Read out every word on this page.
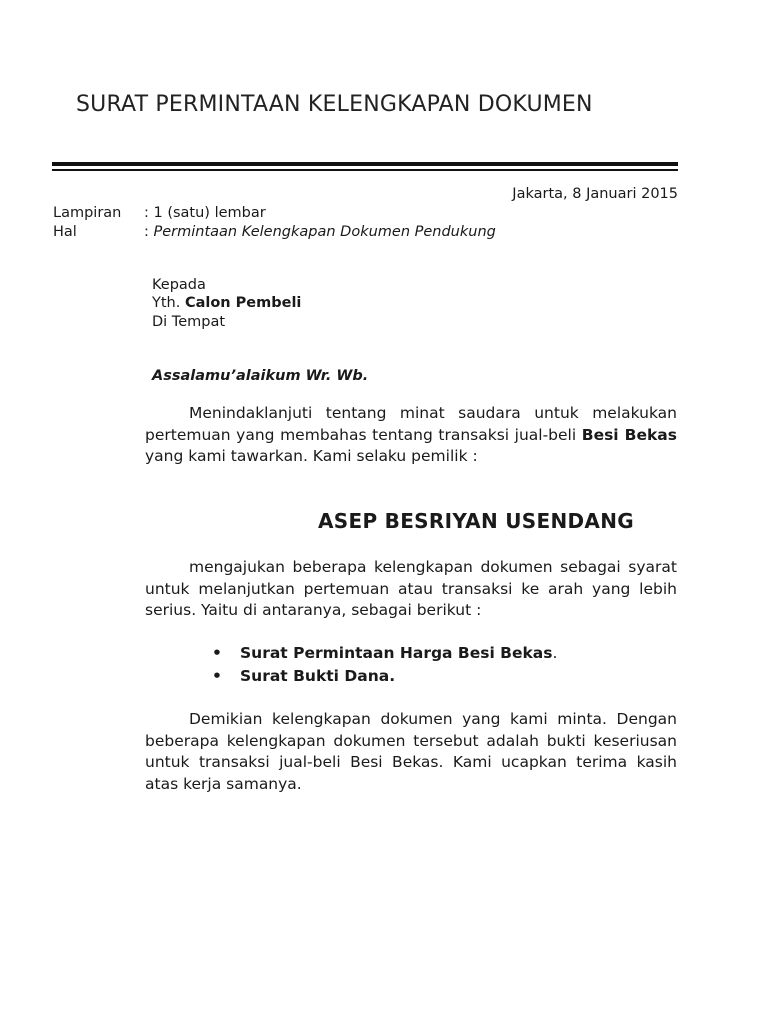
SURAT PERMINTAAN KELENGKAPAN DOKUMEN
Jakarta, 8 Januari 2015
Lampiran : 1 (satu) lembar
Hal	: Permintaan Kelengkapan Dokumen Pendukung
Kepada
Yth. Calon Pembeli
Di Tempat
Assalamu’alaikum Wr. Wb.

Menindaklanjuti tentang minat saudara untuk melakukan pertemuan yang membahas tentang transaksi jual-beli Besi Bekas yang kami tawarkan. Kami selaku pemilik :

ASEP BESRIYAN USENDANG

mengajukan beberapa kelengkapan dokumen sebagai syarat untuk melanjutkan pertemuan atau transaksi ke arah yang lebih serius. Yaitu di antaranya, sebagai berikut :

• Surat Permintaan Harga Besi Bekas.
• Surat Bukti Dana.

Demikian kelengkapan dokumen yang kami minta. Dengan beberapa kelengkapan dokumen tersebut adalah bukti keseriusan untuk transaksi jual-beli Besi Bekas. Kami ucapkan terima kasih atas kerja samanya.
